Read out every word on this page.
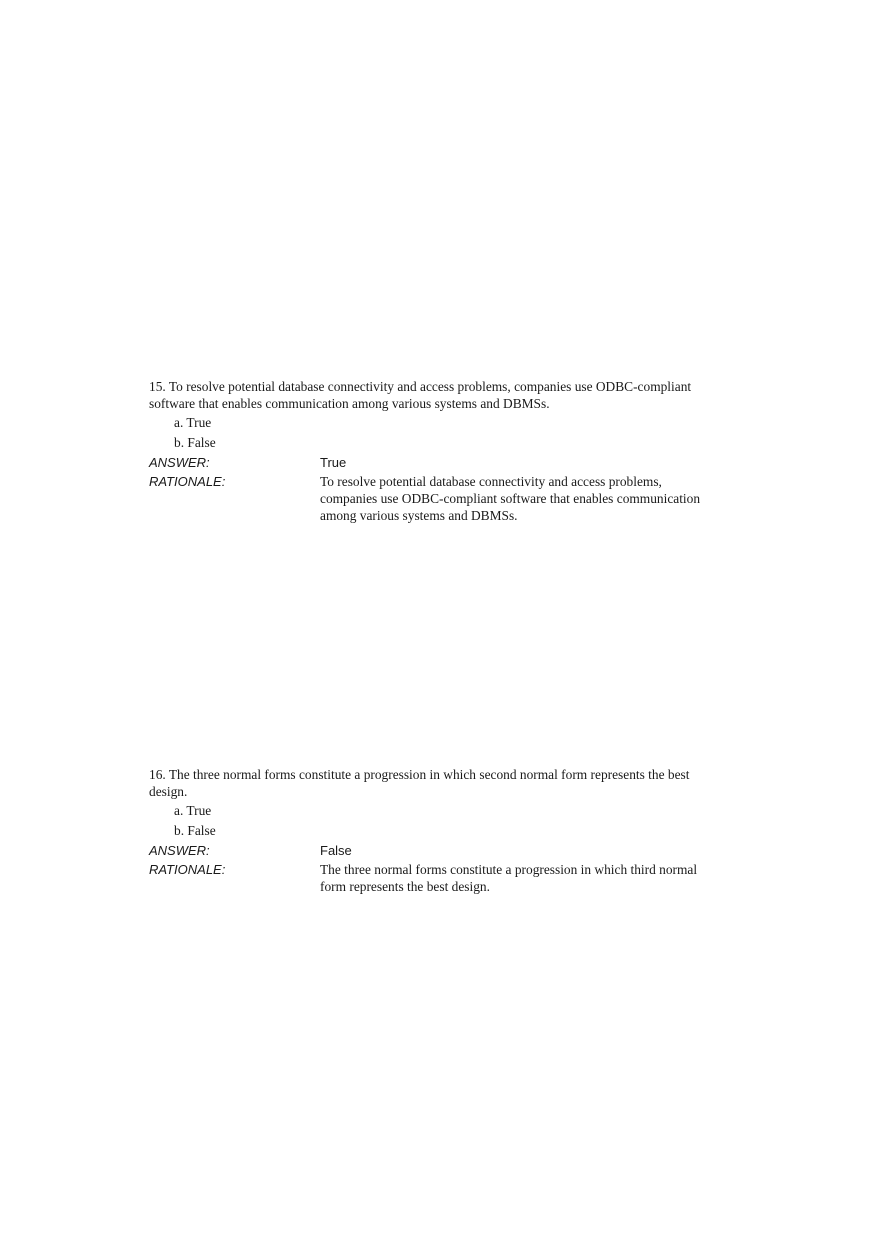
15. To resolve potential database connectivity and access problems, companies use ODBC-compliant software that enables communication among various systems and DBMSs.

a. True
b. False
ANSWER:	True
RATIONALE:	To resolve potential database connectivity and access problems, companies use ODBC-compliant software that enables communication among various systems and DBMSs.

16. The three normal forms constitute a progression in which second normal form represents the best design.

a. True
b. False
ANSWER:	False
RATIONALE:	The three normal forms constitute a progression in which third normal form represents the best design.
